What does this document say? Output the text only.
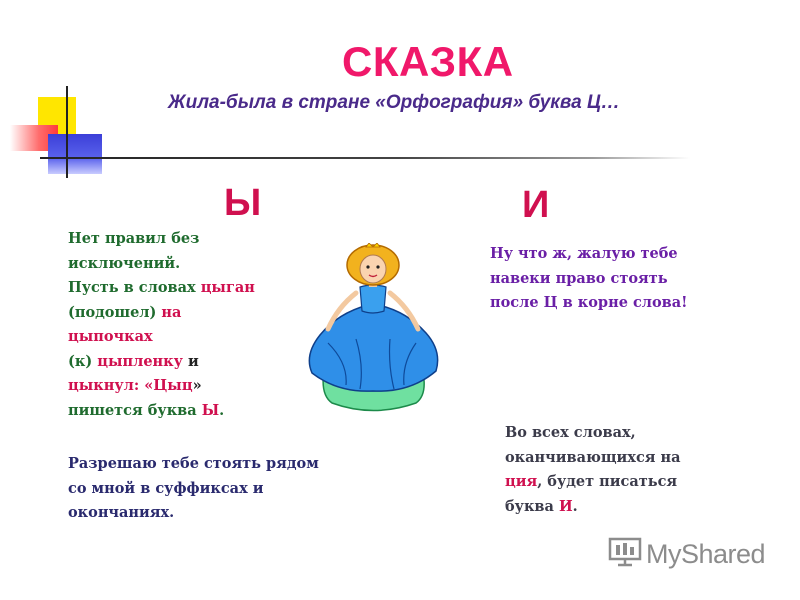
СКАЗКА
Жила-была в стране «Орфография» буква Ц…
Ы	И
Нет правил без
исключений.
Пусть в словах цыган
(подошел) на
цыпочках
(к) цыпленку и
цыкнул: «Цыц»
пишется буква Ы.
Разрешаю тебе стоять рядом
со мной в суффиксах и
окончаниях.
Ну что ж, жалую тебе
навеки право стоять
после Ц в корне слова!
Во всех словах,
оканчивающихся на
ция, будет писаться
буква И.
MyShared
